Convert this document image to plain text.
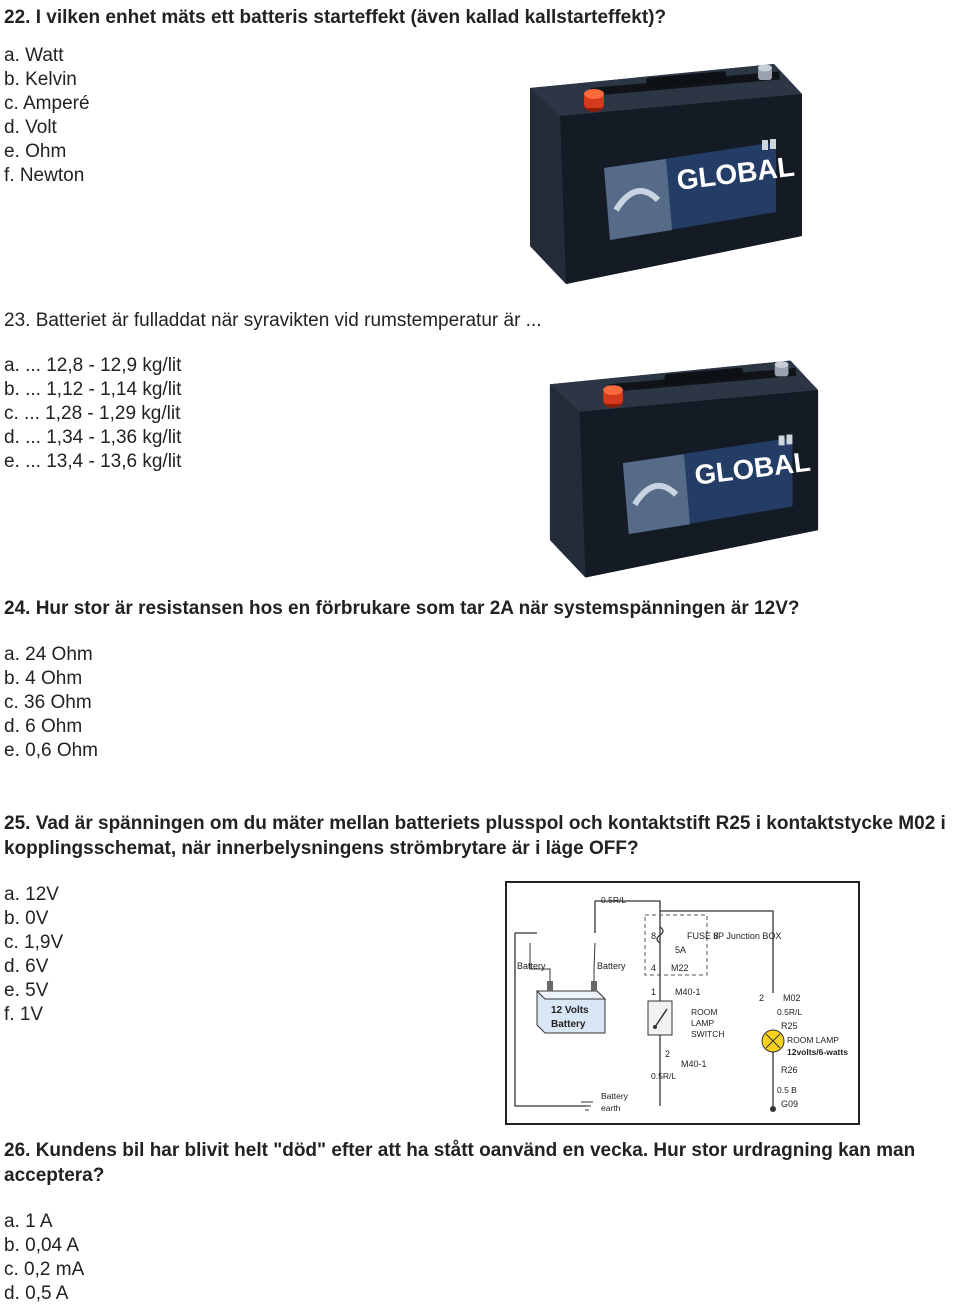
22. I vilken enhet mäts ett batteris starteffekt (även kallad kallstarteffekt)?

a. Watt
b. Kelvin
c. Amperé
d. Volt
e. Ohm
f. Newton	GLOBAL

23. Batteriet är fulladdat när syravikten vid rumstemperatur är ...

a. ... 12,8 - 12,9 kg/lit
b. ... 1,12 - 1,14 kg/lit
c. ... 1,28 - 1,29 kg/lit
d. ... 1,34 - 1,36 kg/lit
e. ... 13,4 - 13,6 kg/lit	GLOBAL

24. Hur stor är resistansen hos en förbrukare som tar 2A när systemspänningen är 12V?

a. 24 Ohm
b. 4 Ohm
c. 36 Ohm
d. 6 Ohm
e. 0,6 Ohm

25. Vad är spänningen om du mäter mellan batteriets plusspol och kontaktstift R25 i kontaktstycke M02 i kopplingsschemat, när innerbelysningens strömbrytare är i läge OFF?

a. 12V
b. 0V
c. 1,9V
d. 6V
e. 5V
f. 1V
0.5R/L
FUSE 8
I/P Junction BOX
5A
8
4 M22
Battery	Battery
12 Volts
Battery
1 M40-1
ROOM
LAMP
SWITCH
2
M40-1
0.5R/L
Battery
earth
2 M02
0.5R/L
R25
ROOM LAMP
12volts/6-watts
R26
0.5 B
G09

26. Kundens bil har blivit helt "död" efter att ha stått oanvänd en vecka. Hur stor urdragning kan man acceptera?

a. 1 A
b. 0,04 A
c. 0,2 mA
d. 0,5 A
